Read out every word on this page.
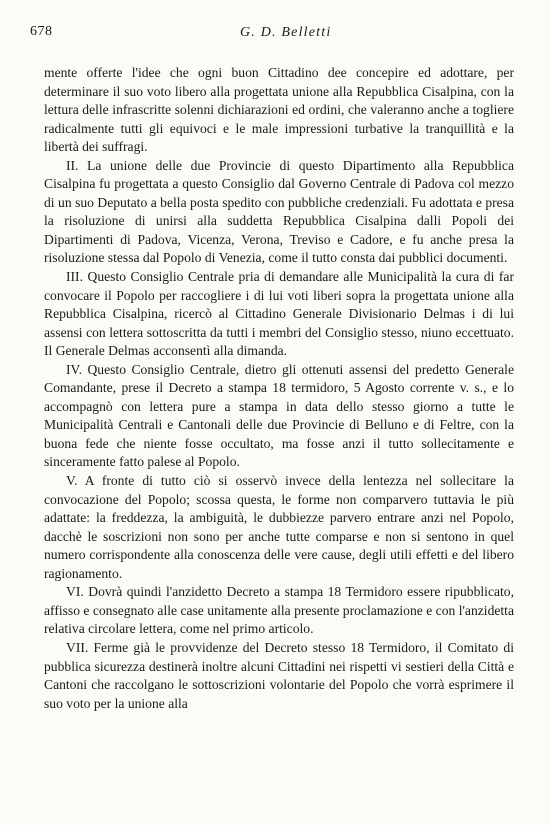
678	G. D. Belletti

mente offerte l'idee che ogni buon Cittadino dee concepire ed adottare, per determinare il suo voto libero alla progettata unione alla Repubblica Cisalpina, con la lettura delle infrascritte solenni dichiarazioni ed ordini, che valeranno anche a togliere radicalmente tutti gli equivoci e le male impressioni turbative la tranquillità e la libertà dei suffragi.

II. La unione delle due Provincie di questo Dipartimento alla Repubblica Cisalpina fu progettata a questo Consiglio dal Governo Centrale di Padova col mezzo di un suo Deputato a bella posta spedito con pubbliche credenziali. Fu adottata e presa la risoluzione di unirsi alla suddetta Repubblica Cisalpina dalli Popoli dei Dipartimenti di Padova, Vicenza, Verona, Treviso e Cadore, e fu anche presa la risoluzione stessa dal Popolo di Venezia, come il tutto consta dai pubblici documenti.

III. Questo Consiglio Centrale pria di demandare alle Municipalità la cura di far convocare il Popolo per raccogliere i di lui voti liberi sopra la progettata unione alla Repubblica Cisalpina, ricercò al Cittadino Generale Divisionario Delmas i di lui assensi con lettera sottoscritta da tutti i membri del Consiglio stesso, niuno eccettuato. Il Generale Delmas acconsentì alla dimanda.

IV. Questo Consiglio Centrale, dietro gli ottenuti assensi del predetto Generale Comandante, prese il Decreto a stampa 18 termidoro, 5 Agosto corrente v. s., e lo accompagnò con lettera pure a stampa in data dello stesso giorno a tutte le Municipalità Centrali e Cantonali delle due Provincie di Belluno e di Feltre, con la buona fede che niente fosse occultato, ma fosse anzi il tutto sollecitamente e sinceramente fatto palese al Popolo.

V. A fronte di tutto ciò si osservò invece della lentezza nel sollecitare la convocazione del Popolo; scossa questa, le forme non comparvero tuttavia le più adattate: la freddezza, la ambiguità, le dubbiezze parvero entrare anzi nel Popolo, dacchè le soscrizioni non sono per anche tutte comparse e non si sentono in quel numero corrispondente alla conoscenza delle vere cause, degli utili effetti e del libero ragionamento.

VI. Dovrà quindi l'anzidetto Decreto a stampa 18 Termidoro essere ripubblicato, affisso e consegnato alle case unitamente alla presente proclamazione e con l'anzidetta relativa circolare lettera, come nel primo articolo.

VII. Ferme già le provvidenze del Decreto stesso 18 Termidoro, il Comitato di pubblica sicurezza destinerà inoltre alcuni Cittadini nei rispetti vi sestieri della Città e Cantoni che raccolgano le sottoscrizioni volontarie del Popolo che vorrà esprimere il suo voto per la unione alla
